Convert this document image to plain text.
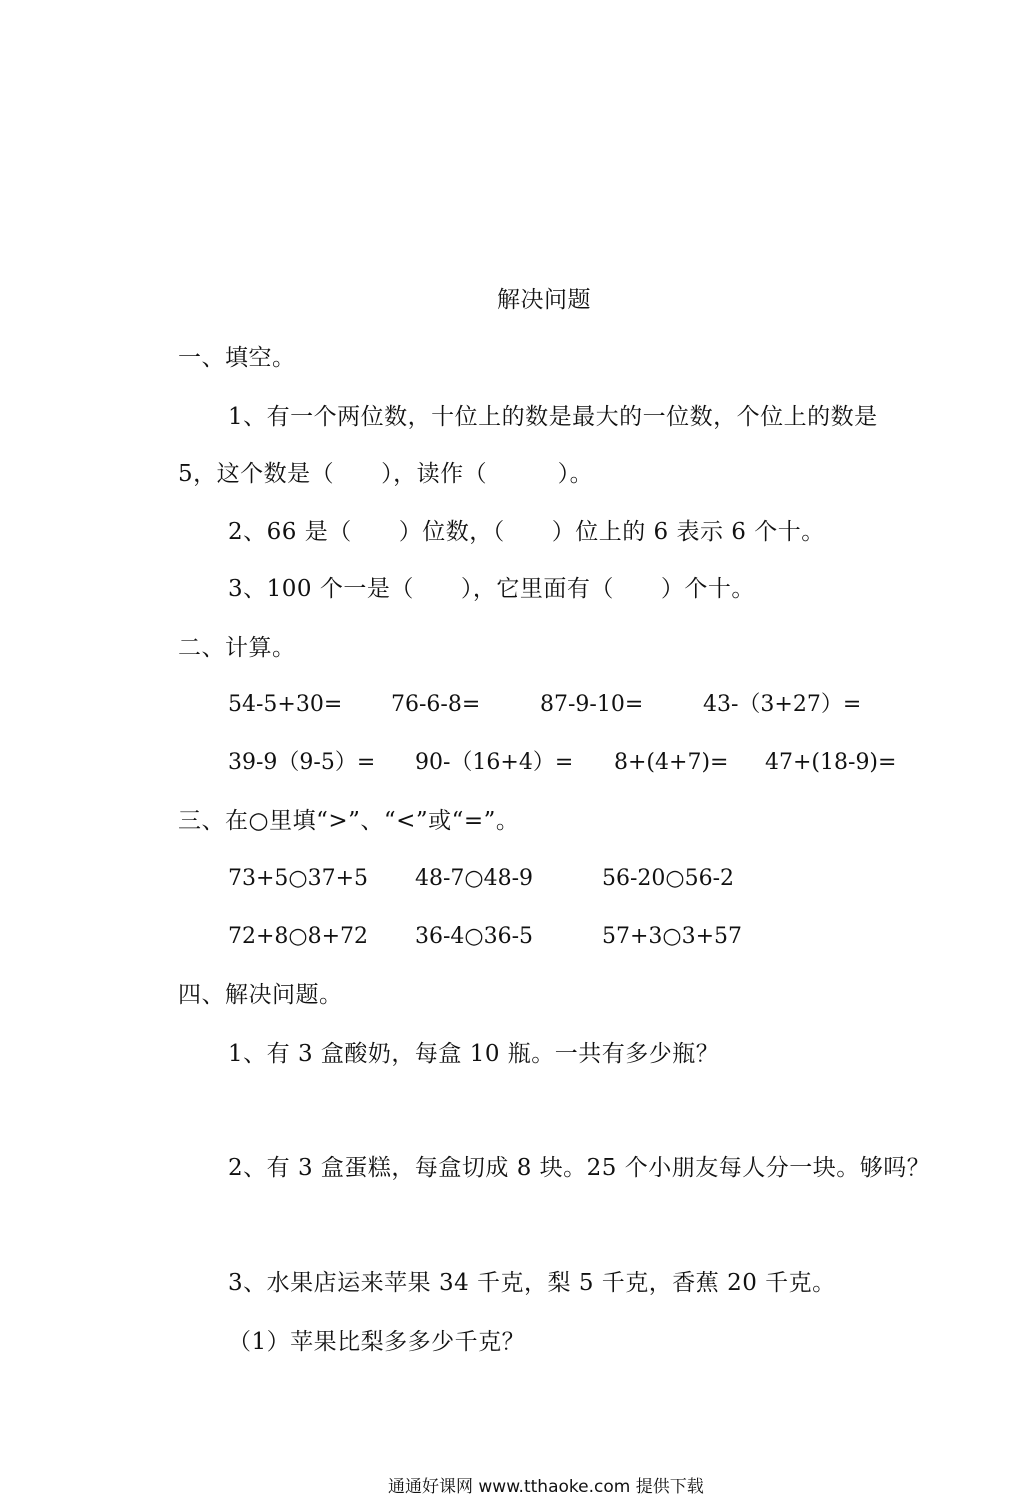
解决问题
一、填空。
1、有一个两位数，十位上的数是最大的一位数，个位上的数是
5，这个数是（　　），读作（　　　）。
2、66 是（　　）位数，（　　）位上的 6 表示 6 个十。
3、100 个一是（　　），它里面有（　　）个十。
二、计算。
54-5+30= 76-6-8=	87-9-10=	43-（3+27）=
39-9（9-5）= 90-（16+4）= 8+(4+7)= 47+(18-9)=
三、在○里填“>”、“<”或“=”。
73+5○37+5 48-7○48-9	56-20○56-2
72+8○8+72 36-4○36-5	57+3○3+57
四、解决问题。
1、有 3 盒酸奶，每盒 10 瓶。一共有多少瓶？
2、有 3 盒蛋糕，每盒切成 8 块。25 个小朋友每人分一块。够吗？
3、水果店运来苹果 34 千克，梨 5 千克，香蕉 20 千克。
（1）苹果比梨多多少千克？
通通好课网 www.tthaoke.com 提供下载
